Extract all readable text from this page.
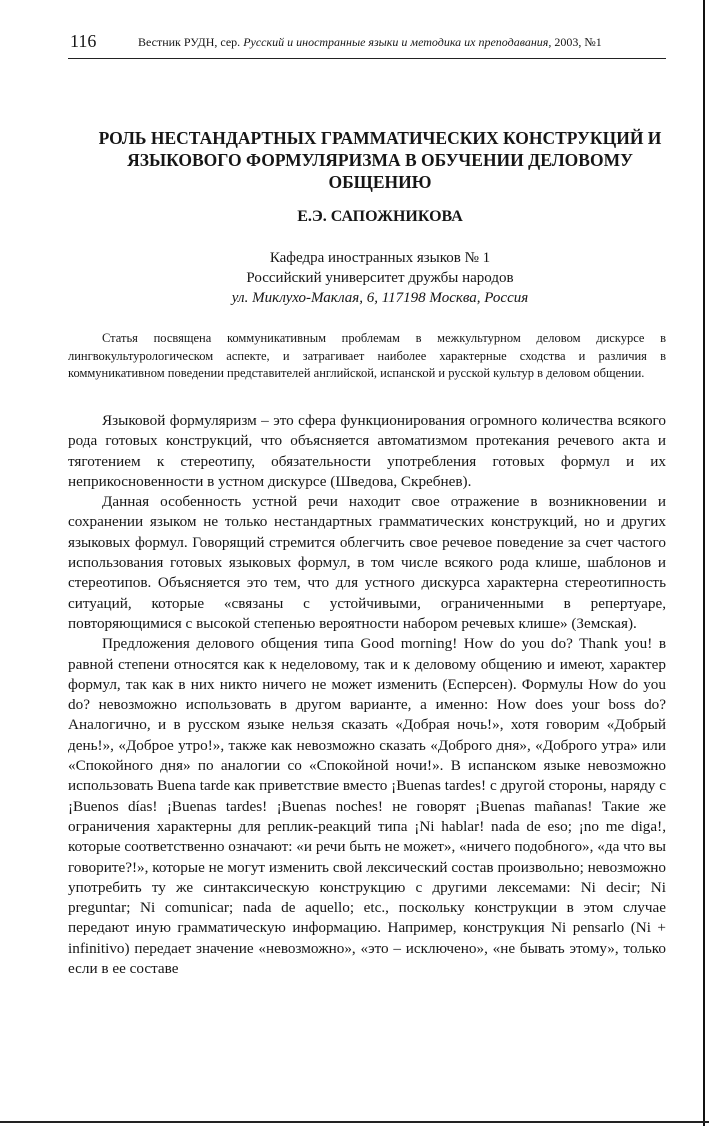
116	Вестник РУДН, сер. Русский и иностранные языки и методика их преподавания, 2003, №1
РОЛЬ НЕСТАНДАРТНЫХ ГРАММАТИЧЕСКИХ КОНСТРУКЦИЙ И
ЯЗЫКОВОГО ФОРМУЛЯРИЗМА В ОБУЧЕНИИ ДЕЛОВОМУ
ОБЩЕНИЮ
Е.Э. САПОЖНИКОВА
Кафедра иностранных языков № 1
Российский университет дружбы народов
ул. Миклухо-Маклая, 6, 117198 Москва, Россия
Статья посвящена коммуникативным проблемам в межкультурном деловом дискурсе в лингвокультурологическом аспекте, и затрагивает наиболее характерные сходства и различия в коммуникативном поведении представителей английской, испанской и русской культур в деловом общении.

Языковой формуляризм – это сфера функционирования огромного количества всякого рода готовых конструкций, что объясняется автоматизмом протекания речевого акта и тяготением к стереотипу, обязательности употребления готовых формул и их неприкосновенности в устном дискурсе (Шведова, Скребнев).

Данная особенность устной речи находит свое отражение в возникновении и сохранении языком не только нестандартных грамматических конструкций, но и других языковых формул. Говорящий стремится облегчить свое речевое поведение за счет частого использования готовых языковых формул, в том числе всякого рода клише, шаблонов и стереотипов. Объясняется это тем, что для устного дискурса характерна стереотипность ситуаций, которые «связаны с устойчивыми, ограниченными в репертуаре, повторяющимися с высокой степенью вероятности набором речевых клише» (Земская).

Предложения делового общения типа Good morning! How do you do? Thank you! в равной степени относятся как к неделовому, так и к деловому общению и имеют, характер формул, так как в них никто ничего не может изменить (Есперсен). Формулы How do you do? невозможно использовать в другом варианте, а именно: How does your boss do? Аналогично, и в русском языке нельзя сказать «Добрая ночь!», хотя говорим «Добрый день!», «Доброе утро!», также как невозможно сказать «Доброго дня», «Доброго утра» или «Спокойного дня» по аналогии со «Спокойной ночи!». В испанском языке невозможно использовать Buena tarde как приветствие вместо ¡Buenas tardes! с другой стороны, наряду с ¡Buenos días! ¡Buenas tardes! ¡Buenas noches! не говорят ¡Buenas mañanas! Такие же ограничения характерны для реплик-реакций типа ¡Ni hablar! nada de eso; ¡no me diga!, которые соответственно означают: «и речи быть не может», «ничего подобного», «да что вы говорите?!», которые не могут изменить свой лексический состав произвольно; невозможно употребить ту же синтаксическую конструкцию с другими лексемами: Ni decir; Ni preguntar; Ni comunicar; nada de aquello; etc., поскольку конструкции в этом случае передают иную грамматическую информацию. Например, конструкция Ni pensarlo (Ni + infinitivo) передает значение «невозможно», «это – исключено», «не бывать этому», только если в ее составе
